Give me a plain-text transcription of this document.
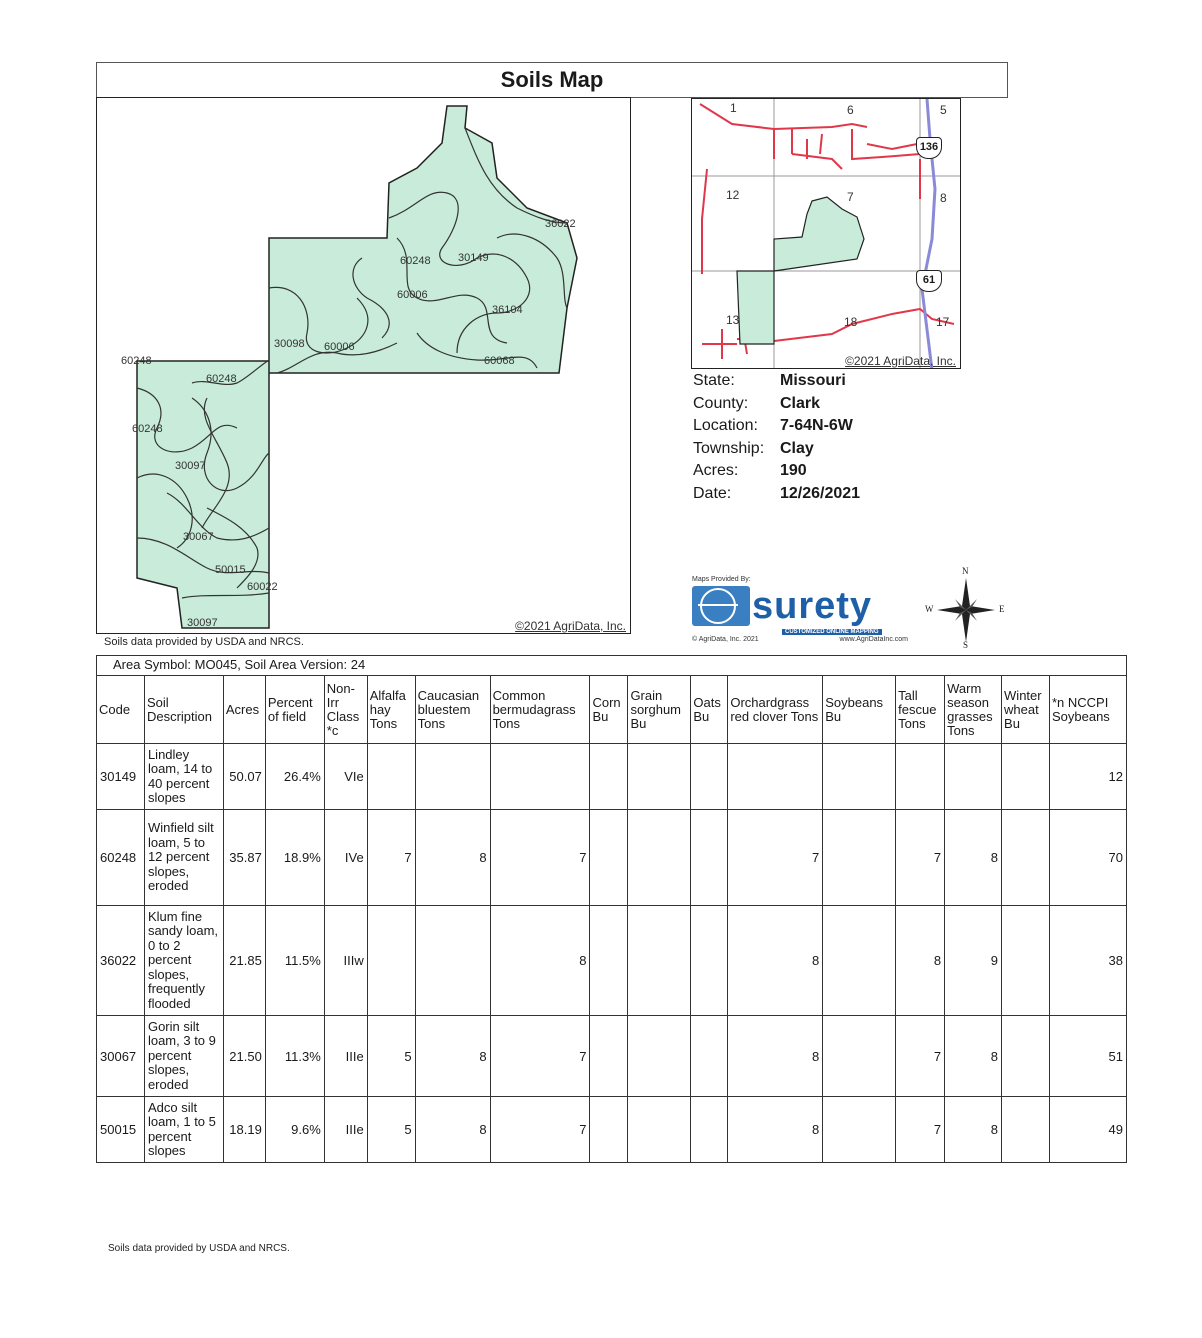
Soils Map
36022
60248 30149
60006
36104
30098 60006
60068
60248
60248
60248
30097
30067
50015
60022
30097	©2021 AgriData, Inc.
Soils data provided by USDA and NRCS.
1	6	5
12	7	8
13	18	17
136
61
©2021 AgriData, Inc.
State:	Missouri
County:	Clark
Location:	7-64N-6W
Township: Clay
Acres:	190
Date:	12/26/2021
Maps Provided By:
surety
CUSTOMIZED ONLINE MAPPING
© AgriData, Inc. 2021	www.AgriDataInc.com
N
S
W	E
Area Symbol: MO045, Soil Area Version: 24
Code	Soil Description	Acres	Percent of field	Non-Irr Class *c	Alfalfa hay Tons	Caucasian bluestem Tons	Common bermudagrass Tons	Corn Bu	Grain sorghum Bu	Oats Bu	Orchardgrass red clover Tons	Soybeans Bu	Tall fescue Tons	Warm season grasses Tons	Winter wheat Bu	*n NCCPI Soybeans
30149	Lindley loam, 14 to 40 percent slopes	50.07	26.4%	VIe												12
60248	Winfield silt loam, 5 to 12 percent slopes, eroded	35.87	18.9%	IVe	7	8	7				7		7	8		70
36022	Klum fine sandy loam, 0 to 2 percent slopes, frequently flooded	21.85	11.5%	IIIw			8				8		8	9		38
30067	Gorin silt loam, 3 to 9 percent slopes, eroded	21.50	11.3%	IIIe	5	8	7				8		7	8		51
50015	Adco silt loam, 1 to 5 percent slopes	18.19	9.6%	IIIe	5	8	7				8		7	8		49
Soils data provided by USDA and NRCS.
